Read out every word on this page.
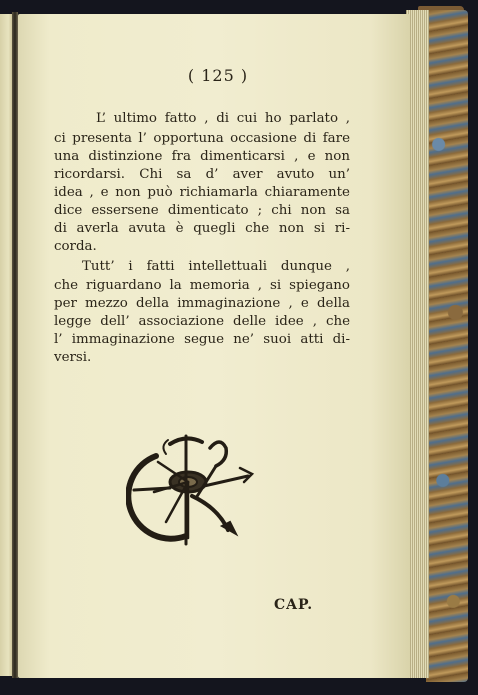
( 125 )
L’ ultimo fatto , di cui ho parlato ,
ci presenta l’ opportuna occasione di fare
una distinzione fra dimenticarsi , e non
ricordarsi. Chi sa d’ aver avuto un’
idea , e non può richiamarla chiaramente
dice essersene dimenticato ; chi non sa
di averla avuta è quegli che non si ri-
corda.
Tutt’ i fatti intellettuali dunque ,
che riguardano la memoria , si spiegano
per mezzo della immaginazione , e della
legge dell’ associazione delle idee , che
l’ immaginazione segue ne’ suoi atti di-
versi.
CAP.
